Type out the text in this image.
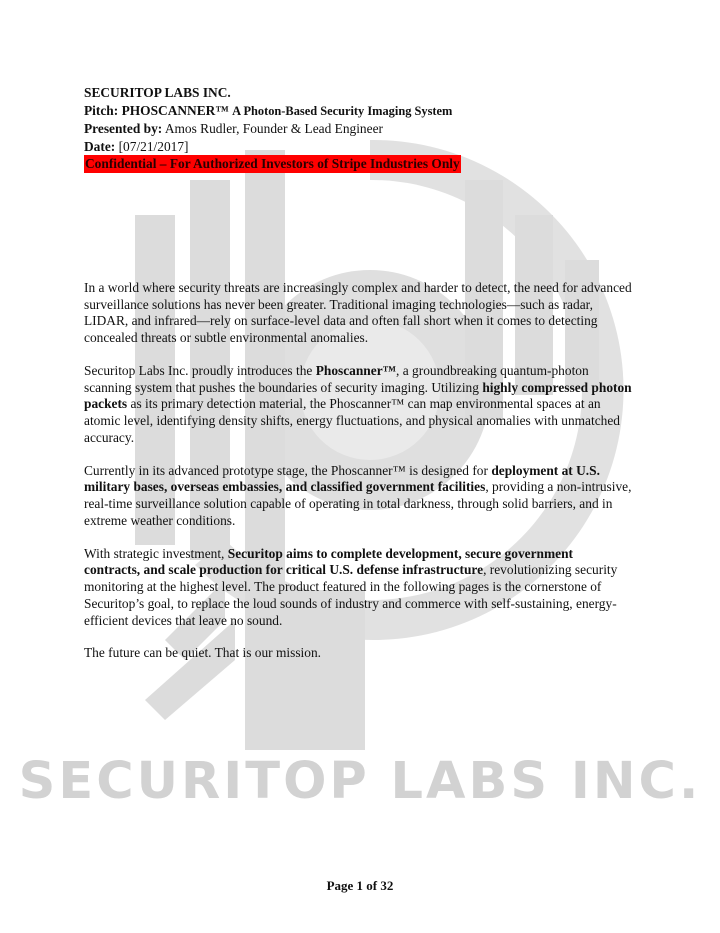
SECURITOP LABS INC.
SECURITOP LABS INC.
Pitch: PHOSCANNER™ A Photon-Based Security Imaging System
Presented by: Amos Rudler, Founder & Lead Engineer
Date: [07/21/2017]
Confidential – For Authorized Investors of Stripe Industries Only

In a world where security threats are increasingly complex and harder to detect, the need for advanced surveillance solutions has never been greater. Traditional imaging technologies—such as radar, LIDAR, and infrared—rely on surface-level data and often fall short when it comes to detecting concealed threats or subtle environmental anomalies.

Securitop Labs Inc. proudly introduces the Phoscanner™, a groundbreaking quantum-photon scanning system that pushes the boundaries of security imaging. Utilizing highly compressed photon packets as its primary detection material, the Phoscanner™ can map environmental spaces at an atomic level, identifying density shifts, energy fluctuations, and physical anomalies with unmatched accuracy.

Currently in its advanced prototype stage, the Phoscanner™ is designed for deployment at U.S. military bases, overseas embassies, and classified government facilities, providing a non-intrusive, real-time surveillance solution capable of operating in total darkness, through solid barriers, and in extreme weather conditions.

With strategic investment, Securitop aims to complete development, secure government contracts, and scale production for critical U.S. defense infrastructure, revolutionizing security monitoring at the highest level. The product featured in the following pages is the cornerstone of Securitop’s goal, to replace the loud sounds of industry and commerce with self-sustaining, energy-efficient devices that leave no sound.

The future can be quiet. That is our mission.

Page 1 of 32
